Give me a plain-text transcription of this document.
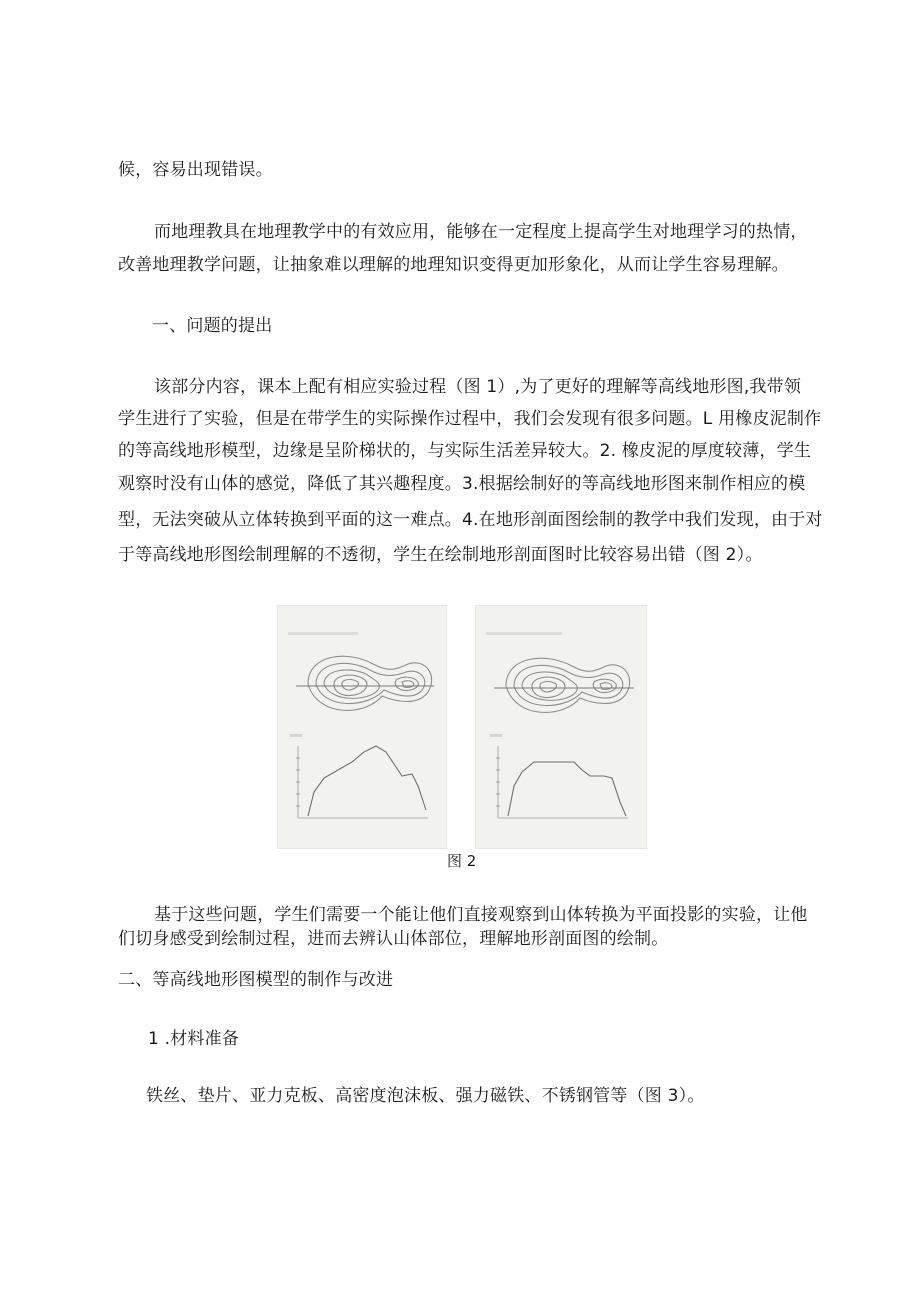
候，容易出现错误。
而地理教具在地理教学中的有效应用，能够在一定程度上提高学生对地理学习的热情，
改善地理教学问题，让抽象难以理解的地理知识变得更加形象化，从而让学生容易理解。
一、问题的提出
该部分内容，课本上配有相应实验过程（图 1）,为了更好的理解等高线地形图,我带领
学生进行了实验，但是在带学生的实际操作过程中，我们会发现有很多问题。L 用橡皮泥制作
的等高线地形模型，边缘是呈阶梯状的，与实际生活差异较大。2. 橡皮泥的厚度较薄，学生
观察时没有山体的感觉，降低了其兴趣程度。3.根据绘制好的等高线地形图来制作相应的模
型，无法突破从立体转换到平面的这一难点。4.在地形剖面图绘制的教学中我们发现，由于对
于等高线地形图绘制理解的不透彻，学生在绘制地形剖面图时比较容易出错（图 2）。
图 2
基于这些问题，学生们需要一个能让他们直接观察到山体转换为平面投影的实验，让他
们切身感受到绘制过程，进而去辨认山体部位，理解地形剖面图的绘制。
二、等高线地形图模型的制作与改进
1 .材料准备
铁丝、垫片、亚力克板、高密度泡沫板、强力磁铁、不锈钢管等（图 3）。
